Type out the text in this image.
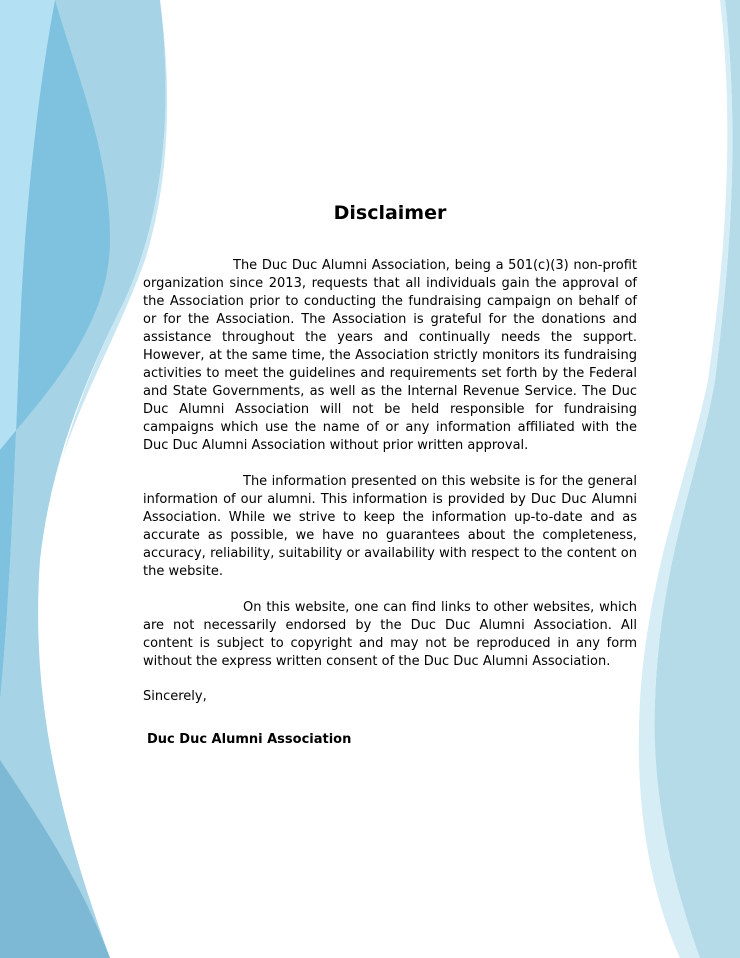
Disclaimer

The Duc Duc Alumni Association, being a 501(c)(3) non-profit organization since 2013, requests that all individuals gain the approval of the Association prior to conducting the fundraising campaign on behalf of or for the Association. The Association is grateful for the donations and assistance throughout the years and continually needs the support. However, at the same time, the Association strictly monitors its fundraising activities to meet the guidelines and requirements set forth by the Federal and State Governments, as well as the Internal Revenue Service. The Duc Duc Alumni Association will not be held responsible for fundraising campaigns which use the name of or any information affiliated with the Duc Duc Alumni Association without prior written approval.

The information presented on this website is for the general information of our alumni. This information is provided by Duc Duc Alumni Association. While we strive to keep the information up-to-date and as accurate as possible, we have no guarantees about the completeness, accuracy, reliability, suitability or availability with respect to the content on the website.

On this website, one can find links to other websites, which are not necessarily endorsed by the Duc Duc Alumni Association. All content is subject to copyright and may not be reproduced in any form without the express written consent of the Duc Duc Alumni Association.

Sincerely,

Duc Duc Alumni Association
